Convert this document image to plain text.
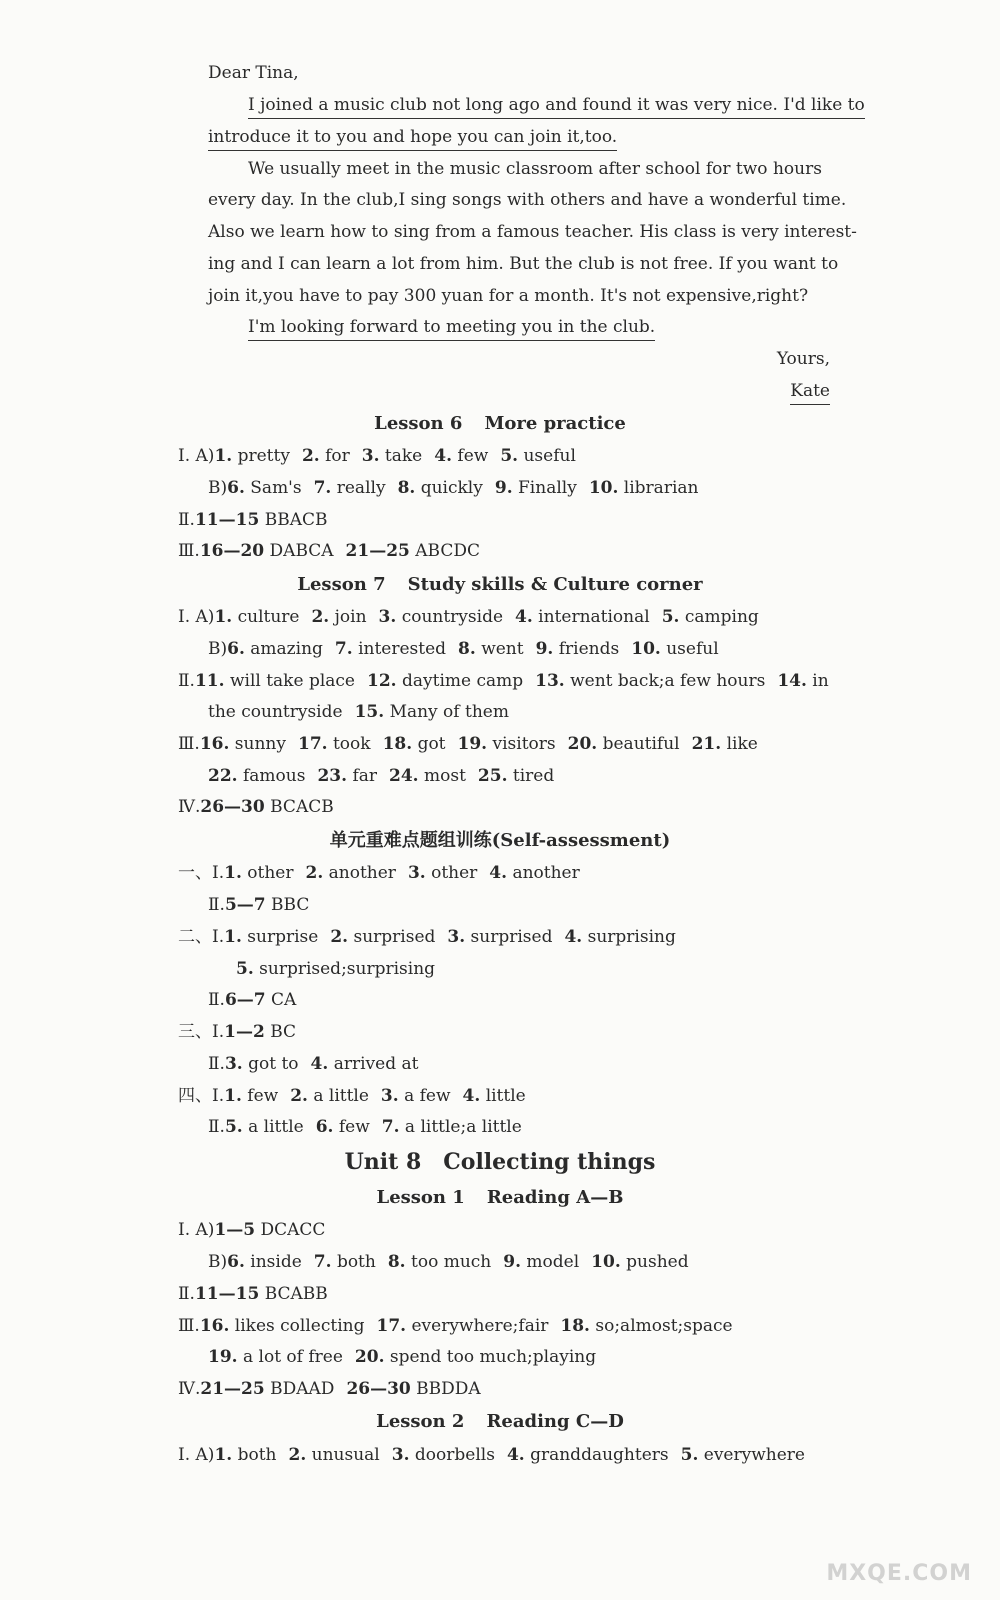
Dear Tina,
I joined a music club not long ago and found it was very nice. I'd like to
introduce it to you and hope you can join it,too.
We usually meet in the music classroom after school for two hours
every day. In the club,I sing songs with others and have a wonderful time.
Also we learn how to sing from a famous teacher. His class is very interest-
ing and I can learn a lot from him. But the club is not free. If you want to
join it,you have to pay 300 yuan for a month. It's not expensive,right?
I'm looking forward to meeting you in the club.
Yours,
Kate
Lesson 6 More practice
Ⅰ. A)1. pretty 2. for 3. take 4. few 5. useful
B)6. Sam's 7. really 8. quickly 9. Finally 10. librarian
Ⅱ.11—15 BBACB
Ⅲ.16—20 DABCA 21—25 ABCDC
Lesson 7 Study skills & Culture corner
Ⅰ. A)1. culture 2. join 3. countryside 4. international 5. camping
B)6. amazing 7. interested 8. went 9. friends 10. useful
Ⅱ.11. will take place 12. daytime camp 13. went back;a few hours 14. in
the countryside 15. Many of them
Ⅲ.16. sunny 17. took 18. got 19. visitors 20. beautiful 21. like
22. famous 23. far 24. most 25. tired
Ⅳ.26—30 BCACB
单元重难点题组训练(Self-assessment)
一、Ⅰ.1. other 2. another 3. other 4. another
Ⅱ.5—7 BBC
二、Ⅰ.1. surprise 2. surprised 3. surprised 4. surprising
5. surprised;surprising
Ⅱ.6—7 CA
三、Ⅰ.1—2 BC
Ⅱ.3. got to 4. arrived at
四、Ⅰ.1. few 2. a little 3. a few 4. little
Ⅱ.5. a little 6. few 7. a little;a little
Unit 8 Collecting things
Lesson 1 Reading A—B
Ⅰ. A)1—5 DCACC
B)6. inside 7. both 8. too much 9. model 10. pushed
Ⅱ.11—15 BCABB
Ⅲ.16. likes collecting 17. everywhere;fair 18. so;almost;space
19. a lot of free 20. spend too much;playing
Ⅳ.21—25 BDAAD 26—30 BBDDA
Lesson 2 Reading C—D
Ⅰ. A)1. both 2. unusual 3. doorbells 4. granddaughters 5. everywhere
MXQE.COM
